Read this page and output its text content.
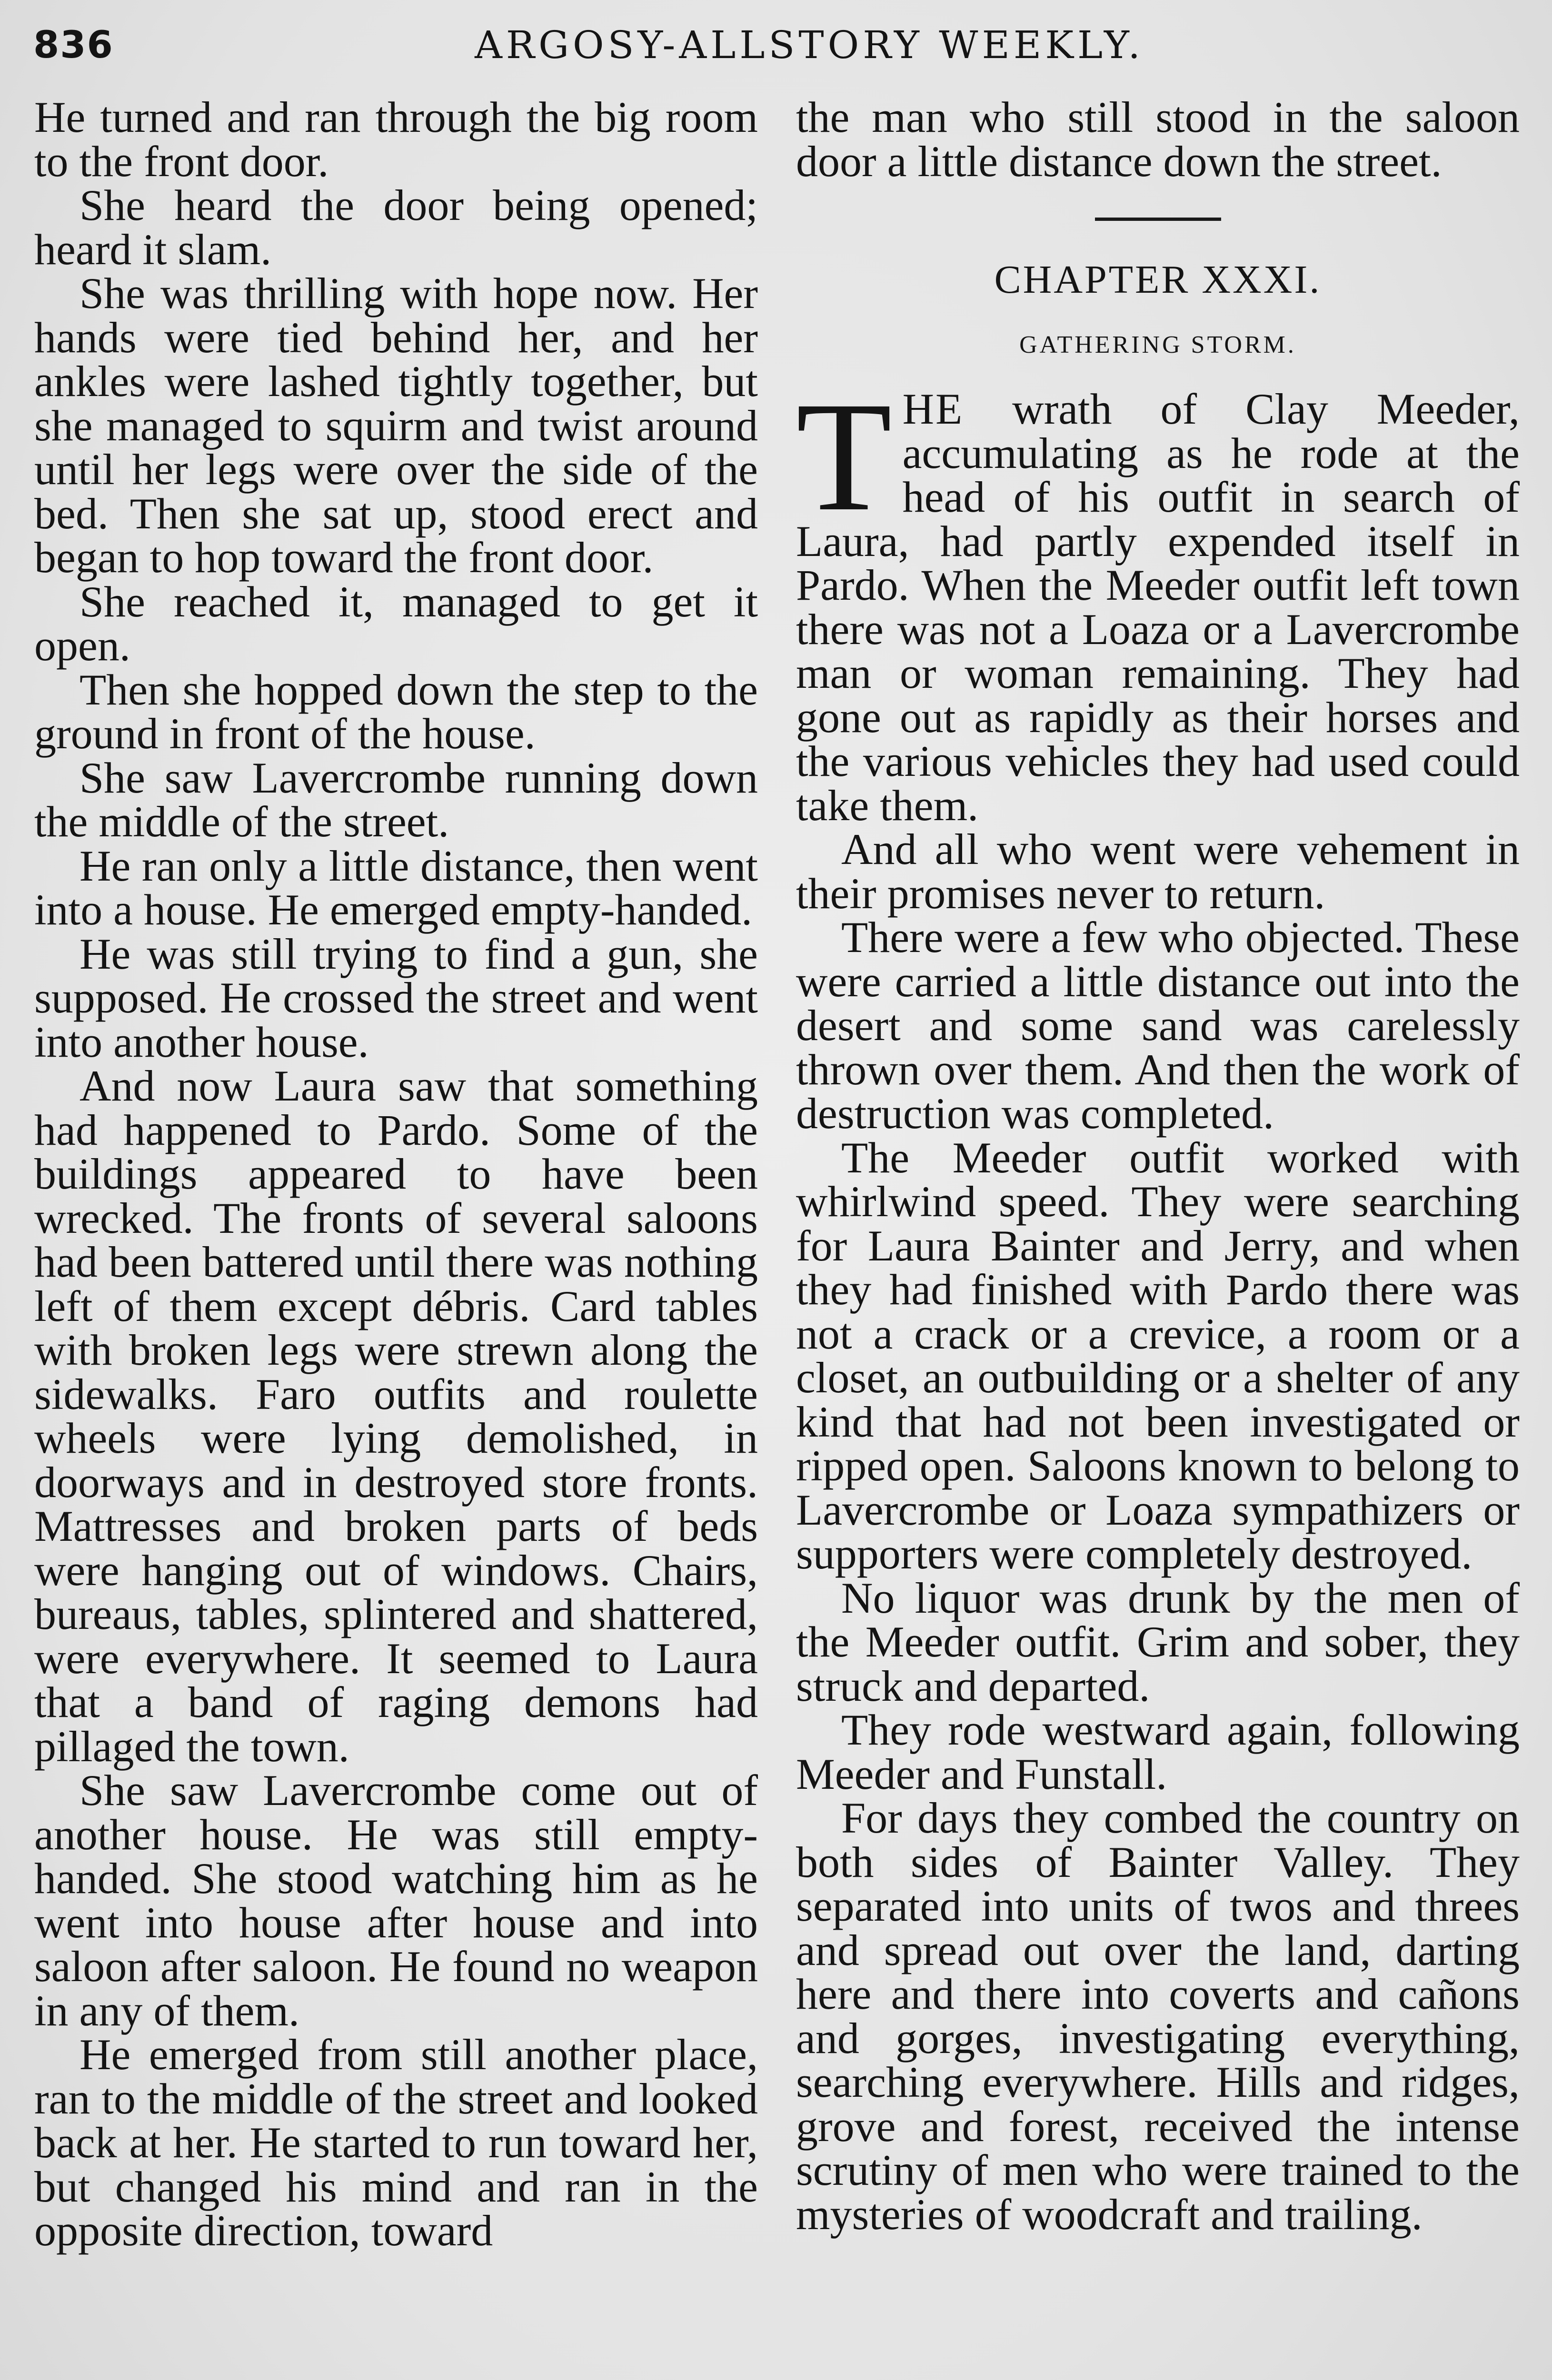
836	ARGOSY-ALLSTORY WEEKLY.

He turned and ran through the big room to the front door.

She heard the door being opened; heard it slam.

She was thrilling with hope now. Her hands were tied behind her, and her ankles were lashed tightly together, but she managed to squirm and twist around until her legs were over the side of the bed. Then she sat up, stood erect and began to hop toward the front door.

She reached it, managed to get it open.

Then she hopped down the step to the ground in front of the house.

She saw Lavercrombe running down the middle of the street.

He ran only a little distance, then went into a house. He emerged empty-handed.

He was still trying to find a gun, she supposed. He crossed the street and went into another house.

And now Laura saw that something had happened to Pardo. Some of the buildings appeared to have been wrecked. The fronts of several saloons had been battered until there was nothing left of them except débris. Card tables with broken legs were strewn along the sidewalks. Faro outfits and roulette wheels were lying demolished, in doorways and in destroyed store fronts. Mattresses and broken parts of beds were hanging out of windows. Chairs, bureaus, tables, splintered and shattered, were everywhere. It seemed to Laura that a band of raging demons had pillaged the town.

She saw Lavercrombe come out of another house. He was still empty-handed. She stood watching him as he went into house after house and into saloon after saloon. He found no weapon in any of them.

He emerged from still another place, ran to the middle of the street and looked back at her. He started to run toward her, but changed his mind and ran in the opposite direction, toward

the man who still stood in the saloon door a little distance down the street.

CHAPTER XXXI.
GATHERING STORM.

THE wrath of Clay Meeder, accumulating as he rode at the head of his outfit in search of Laura, had partly expended itself in Pardo. When the Meeder outfit left town there was not a Loaza or a Lavercrombe man or woman remaining. They had gone out as rapidly as their horses and the various vehicles they had used could take them.

And all who went were vehement in their promises never to return.

There were a few who objected. These were carried a little distance out into the desert and some sand was carelessly thrown over them. And then the work of destruction was completed.

The Meeder outfit worked with whirlwind speed. They were searching for Laura Bainter and Jerry, and when they had finished with Pardo there was not a crack or a crevice, a room or a closet, an outbuilding or a shelter of any kind that had not been investigated or ripped open. Saloons known to belong to Lavercrombe or Loaza sympathizers or supporters were completely destroyed.

No liquor was drunk by the men of the Meeder outfit. Grim and sober, they struck and departed.

They rode westward again, following Meeder and Funstall.

For days they combed the country on both sides of Bainter Valley. They separated into units of twos and threes and spread out over the land, darting here and there into coverts and cañons and gorges, investigating everything, searching everywhere. Hills and ridges, grove and forest, received the intense scrutiny of men who were trained to the mysteries of woodcraft and trailing.
